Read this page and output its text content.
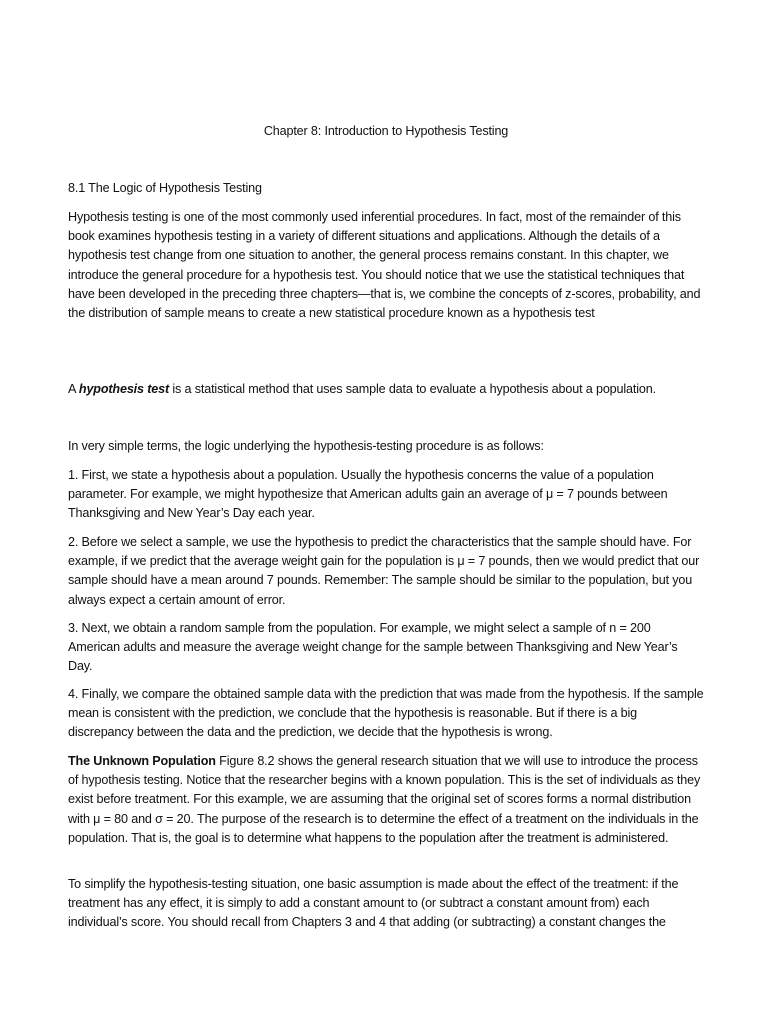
Chapter 8: Introduction to Hypothesis Testing
8.1 The Logic of Hypothesis Testing

Hypothesis testing is one of the most commonly used inferential procedures. In fact, most of the remainder of this book examines hypothesis testing in a variety of different situations and applications. Although the details of a hypothesis test change from one situation to another, the general process remains constant. In this chapter, we introduce the general procedure for a hypothesis test. You should notice that we use the statistical techniques that have been developed in the preceding three chapters—that is, we combine the concepts of z-scores, probability, and the distribution of sample means to create a new statistical procedure known as a hypothesis test

A hypothesis test is a statistical method that uses sample data to evaluate a hypothesis about a population.

In very simple terms, the logic underlying the hypothesis-testing procedure is as follows:

1. First, we state a hypothesis about a population. Usually the hypothesis concerns the value of a population parameter. For example, we might hypothesize that American adults gain an average of μ = 7 pounds between Thanksgiving and New Year’s Day each year.

2. Before we select a sample, we use the hypothesis to predict the characteristics that the sample should have. For example, if we predict that the average weight gain for the population is μ = 7 pounds, then we would predict that our sample should have a mean around 7 pounds. Remember: The sample should be similar to the population, but you always expect a certain amount of error.

3. Next, we obtain a random sample from the population. For example, we might select a sample of n = 200 American adults and measure the average weight change for the sample between Thanksgiving and New Year’s Day.

4. Finally, we compare the obtained sample data with the prediction that was made from the hypothesis. If the sample mean is consistent with the prediction, we conclude that the hypothesis is reasonable. But if there is a big discrepancy between the data and the prediction, we decide that the hypothesis is wrong.

The Unknown Population Figure 8.2 shows the general research situation that we will use to introduce the process of hypothesis testing. Notice that the researcher begins with a known population. This is the set of individuals as they exist before treatment. For this example, we are assuming that the original set of scores forms a normal distribution with μ = 80 and σ = 20. The purpose of the research is to determine the effect of a treatment on the individuals in the population. That is, the goal is to determine what happens to the population after the treatment is administered.

To simplify the hypothesis-testing situation, one basic assumption is made about the effect of the treatment: if the treatment has any effect, it is simply to add a constant amount to (or subtract a constant amount from) each individual’s score. You should recall from Chapters 3 and 4 that adding (or subtracting) a constant changes the
